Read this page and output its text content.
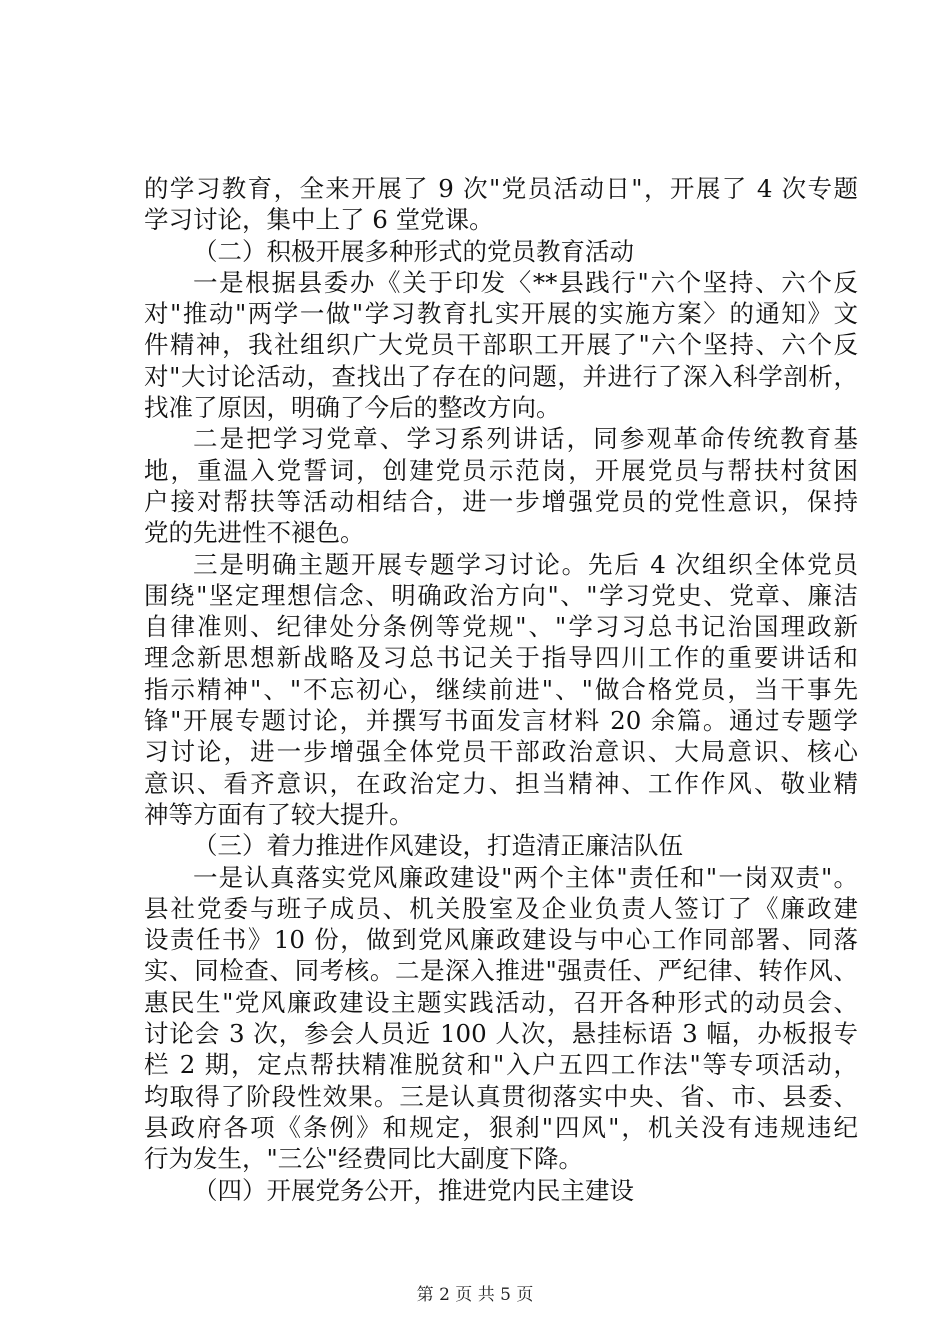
的学习教育，全来开展了 9 次"党员活动日"，开展了 4 次专题
学习讨论，集中上了 6 堂党课。
（二）积极开展多种形式的党员教育活动
一是根据县委办《关于印发〈**县践行"六个坚持、六个反
对"推动"两学一做"学习教育扎实开展的实施方案〉的通知》文
件精神，我社组织广大党员干部职工开展了"六个坚持、六个反
对"大讨论活动，查找出了存在的问题，并进行了深入科学剖析，
找准了原因，明确了今后的整改方向。
二是把学习党章、学习系列讲话，同参观革命传统教育基
地，重温入党誓词，创建党员示范岗，开展党员与帮扶村贫困
户接对帮扶等活动相结合，进一步增强党员的党性意识，保持
党的先进性不褪色。
三是明确主题开展专题学习讨论。先后 4 次组织全体党员
围绕"坚定理想信念、明确政治方向"、"学习党史、党章、廉洁
自律准则、纪律处分条例等党规"、"学习习总书记治国理政新
理念新思想新战略及习总书记关于指导四川工作的重要讲话和
指示精神"、"不忘初心，继续前进"、"做合格党员，当干事先
锋"开展专题讨论，并撰写书面发言材料 20 余篇。通过专题学
习讨论，进一步增强全体党员干部政治意识、大局意识、核心
意识、看齐意识，在政治定力、担当精神、工作作风、敬业精
神等方面有了较大提升。
（三）着力推进作风建设，打造清正廉洁队伍
一是认真落实党风廉政建设"两个主体"责任和"一岗双责"。
县社党委与班子成员、机关股室及企业负责人签订了《廉政建
设责任书》10 份，做到党风廉政建设与中心工作同部署、同落
实、同检查、同考核。二是深入推进"强责任、严纪律、转作风、
惠民生"党风廉政建设主题实践活动，召开各种形式的动员会、
讨论会 3 次，参会人员近 100 人次，悬挂标语 3 幅，办板报专
栏 2 期，定点帮扶精准脱贫和"入户五四工作法"等专项活动，
均取得了阶段性效果。三是认真贯彻落实中央、省、市、县委、
县政府各项《条例》和规定，狠刹"四风"，机关没有违规违纪
行为发生，"三公"经费同比大副度下降。
（四）开展党务公开，推进党内民主建设
第 2 页 共 5 页
